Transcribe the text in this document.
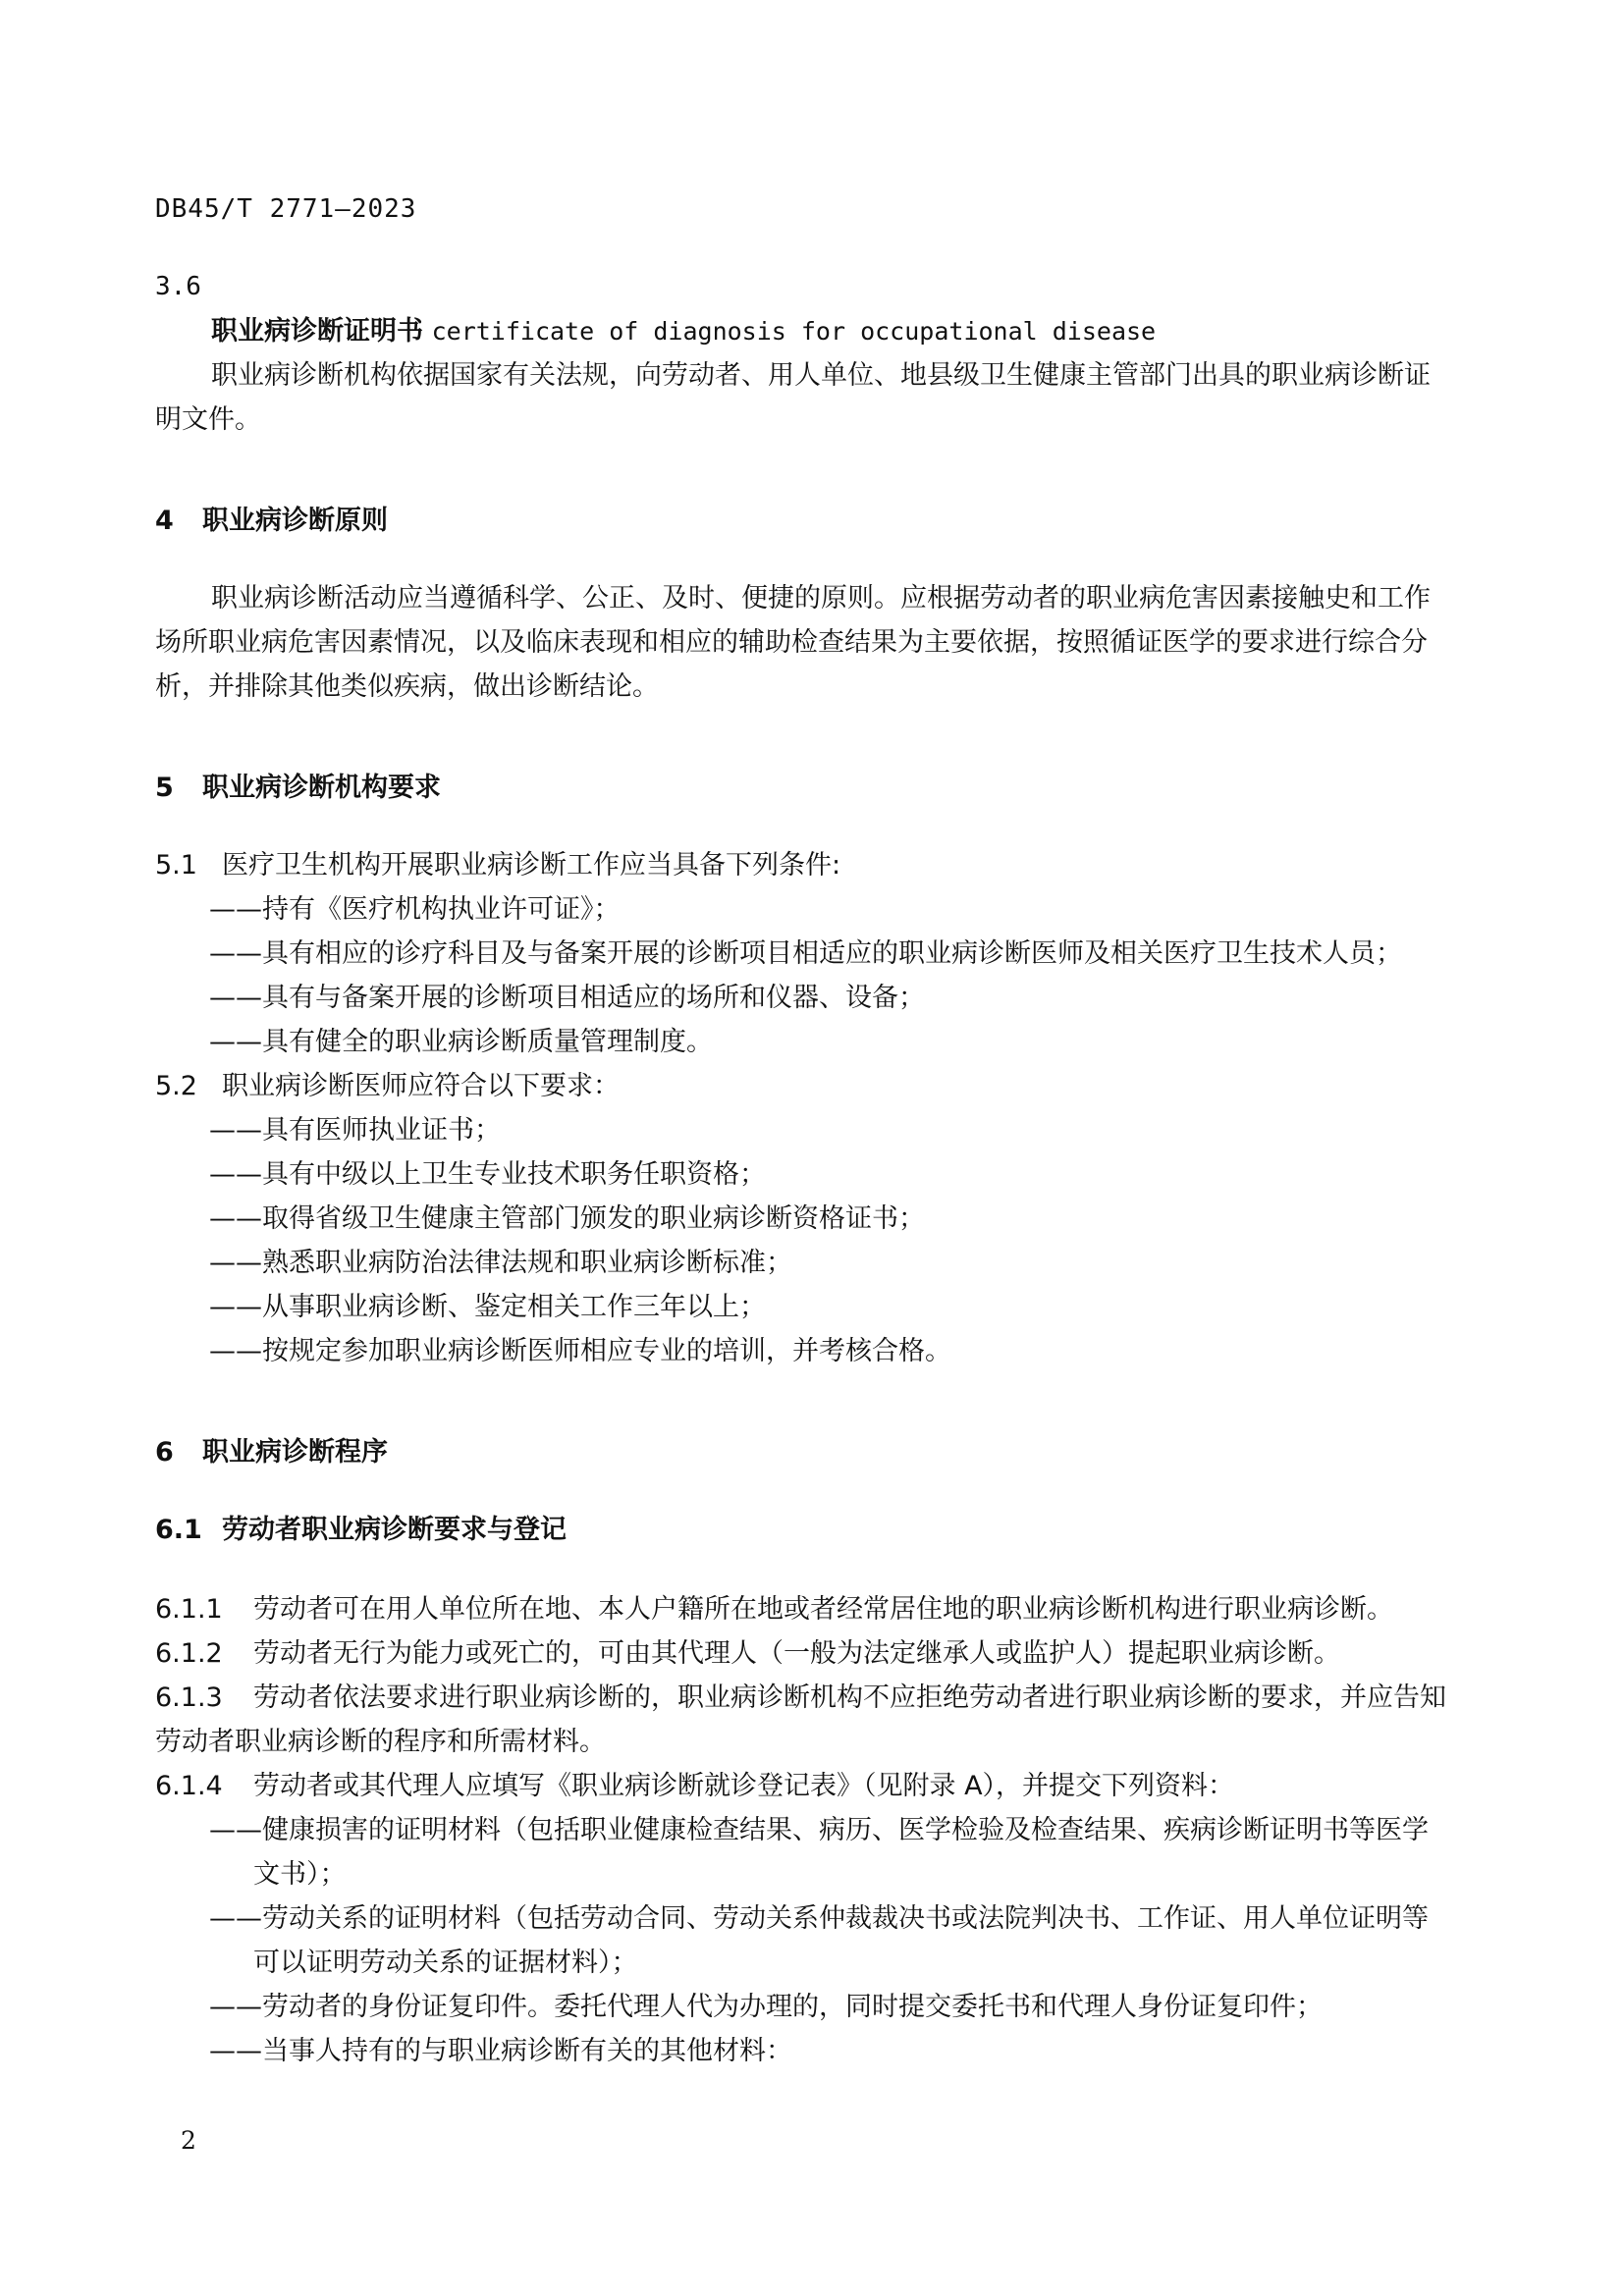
DB45/T 2771—2023

3.6

职业病诊断证明书 certificate of diagnosis for occupational disease

职业病诊断机构依据国家有关法规，向劳动者、用人单位、地县级卫生健康主管部门出具的职业病诊断证明文件。

4 职业病诊断原则

职业病诊断活动应当遵循科学、公正、及时、便捷的原则。应根据劳动者的职业病危害因素接触史和工作场所职业病危害因素情况，以及临床表现和相应的辅助检查结果为主要依据，按照循证医学的要求进行综合分析，并排除其他类似疾病，做出诊断结论。

5 职业病诊断机构要求

5.1 医疗卫生机构开展职业病诊断工作应当具备下列条件:

——持有《医疗机构执业许可证》；

——具有相应的诊疗科目及与备案开展的诊断项目相适应的职业病诊断医师及相关医疗卫生技术人员；

——具有与备案开展的诊断项目相适应的场所和仪器、设备；

——具有健全的职业病诊断质量管理制度。

5.2 职业病诊断医师应符合以下要求：

——具有医师执业证书；

——具有中级以上卫生专业技术职务任职资格；

——取得省级卫生健康主管部门颁发的职业病诊断资格证书；

——熟悉职业病防治法律法规和职业病诊断标准；

——从事职业病诊断、鉴定相关工作三年以上；

——按规定参加职业病诊断医师相应专业的培训，并考核合格。

6 职业病诊断程序

6.1 劳动者职业病诊断要求与登记

6.1.1 劳动者可在用人单位所在地、本人户籍所在地或者经常居住地的职业病诊断机构进行职业病诊断。

6.1.2 劳动者无行为能力或死亡的，可由其代理人（一般为法定继承人或监护人）提起职业病诊断。

6.1.3 劳动者依法要求进行职业病诊断的，职业病诊断机构不应拒绝劳动者进行职业病诊断的要求，并应告知劳动者职业病诊断的程序和所需材料。

6.1.4 劳动者或其代理人应填写《职业病诊断就诊登记表》（见附录 A），并提交下列资料：

——健康损害的证明材料（包括职业健康检查结果、病历、医学检验及检查结果、疾病诊断证明书等医学文书）；

——劳动关系的证明材料（包括劳动合同、劳动关系仲裁裁决书或法院判决书、工作证、用人单位证明等可以证明劳动关系的证据材料）；

——劳动者的身份证复印件。委托代理人代为办理的，同时提交委托书和代理人身份证复印件；

——当事人持有的与职业病诊断有关的其他材料：

2
